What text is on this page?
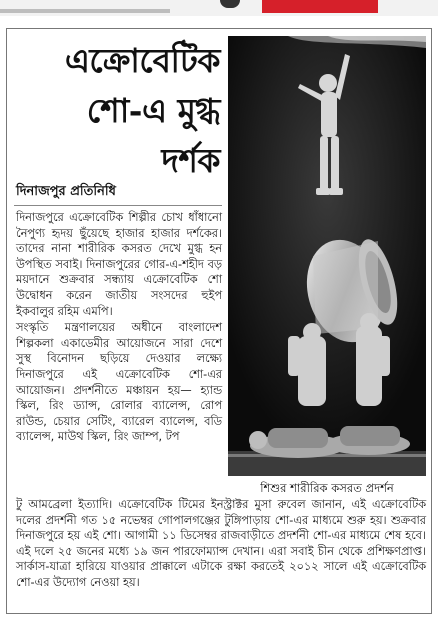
এক্রোবেটিক
শো-এ মুগ্ধ
দর্শক
দিনাজপুর প্রতিনিধি

দিনাজপুরে এক্রোবেটিক শিল্পীর চোখ ধাঁধানো নৈপুণ্য হৃদয় ছুঁয়েছে হাজার হাজার দর্শকের। তাদের নানা শারীরিক কসরত দেখে মুগ্ধ হন উপস্থিত সবাই। দিনাজপুরের গোর-এ-শহীদ বড় ময়দানে শুক্রবার সন্ধ্যায় এক্রোবেটিক শো উদ্বোধন করেন জাতীয় সংসদের হুইপ ইকবালুর রহিম এমপি।

সংস্কৃতি মন্ত্রণালয়ের অধীনে বাংলাদেশ শিল্পকলা একাডেমীর আয়োজনে সারা দেশে সুস্থ বিনোদন ছড়িয়ে দেওয়ার লক্ষ্যে দিনাজপুরে এই এক্রোবেটিক শো-এর আয়োজন। প্রদর্শনীতে মঞ্চায়ন হয়— হ্যান্ড স্কিল, রিং ড্যান্স, রোলার ব্যালেন্স, রোপ রাউন্ড, চেয়ার সেটিং, ব্যারেল ব্যালেন্স, বডি ব্যালেন্স, মাউথ স্কিল, রিং জাম্প, টপ

শিশুর শারীরিক কসরত প্রদর্শন
টু আমব্রেলা ইত্যাদি। এক্রোবেটিক টিমের ইনস্ট্রাক্টর মুসা রুবেল জানান, এই এক্রোবেটিক দলের প্রদর্শনী গত ১৫ নভেম্বর গোপালগঞ্জের টুঙ্গিপাড়ায় শো-এর মাধ্যমে শুরু হয়। শুক্রবার দিনাজপুরে হয় এই শো। আগামী ১১ ডিসেম্বর রাজবাড়ীতে প্রদর্শনী শো-এর মাধ্যমে শেষ হবে। এই দলে ২৫ জনের মধ্যে ১৯ জন পারফোম্যান্স দেখান। এরা সবাই চীন থেকে প্রশিক্ষণপ্রাপ্ত। সার্কাস-যাত্রা হারিয়ে যাওয়ার প্রাক্কালে এটাকে রক্ষা করতেই ২০১২ সালে এই এক্রোবেটিক শো-এর উদ্যোগ নেওয়া হয়।
